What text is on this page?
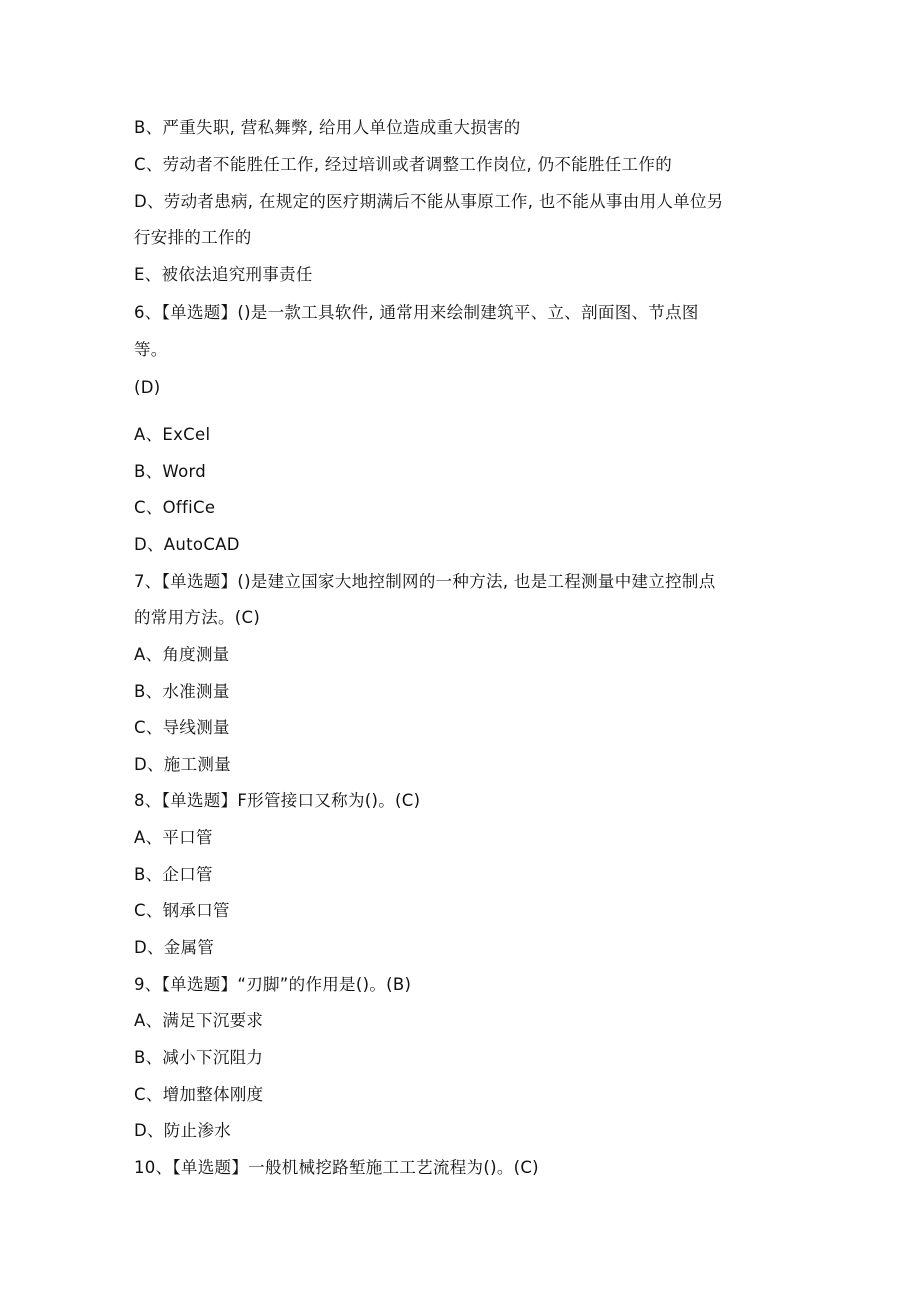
B、严重失职, 营私舞弊, 给用人单位造成重大损害的
C、劳动者不能胜任工作, 经过培训或者调整工作岗位, 仍不能胜任工作的
D、劳动者患病, 在规定的医疗期满后不能从事原工作, 也不能从事由用人单位另
行安排的工作的
E、被依法追究刑事责任
6、【单选题】()是一款工具软件, 通常用来绘制建筑平、立、剖面图、节点图
等。
(D)
A、ExCel
B、Word
C、OffiCe
D、AutoCAD
7、【单选题】()是建立国家大地控制网的一种方法, 也是工程测量中建立控制点
的常用方法。(C)
A、角度测量
B、水准测量
C、导线测量
D、施工测量
8、【单选题】F形管接口又称为()。(C)
A、平口管
B、企口管
C、钢承口管
D、金属管
9、【单选题】“刃脚”的作用是()。(B)
A、满足下沉要求
B、减小下沉阻力
C、增加整体刚度
D、防止渗水
10、【单选题】一般机械挖路堑施工工艺流程为()。(C)
